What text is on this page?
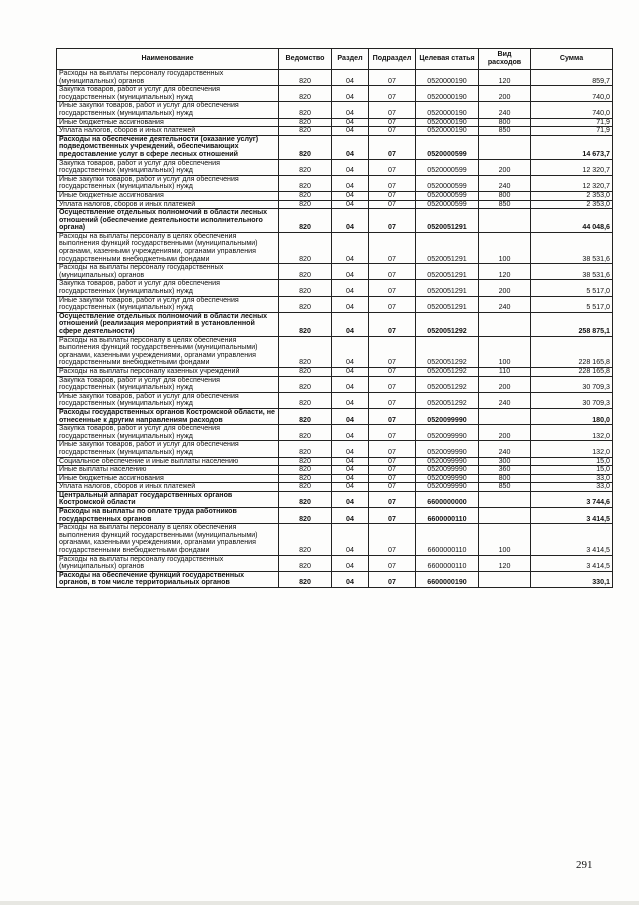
Наименование	Ведомство	Раздел	Подраздел	Целевая статья	Вид расходов	Сумма
Расходы на выплаты персоналу государственных (муниципальных) органов	820	04	07	0520000190	120	859,7
Закупка товаров, работ и услуг для обеспечения государственных (муниципальных) нужд	820	04	07	0520000190	200	740,0
Иные закупки товаров, работ и услуг для обеспечения государственных (муниципальных) нужд	820	04	07	0520000190	240	740,0
Иные бюджетные ассигнования	820	04	07	0520000190	800	71,9
Уплата налогов, сборов и иных платежей	820	04	07	0520000190	850	71,9
Расходы на обеспечение деятельности (оказание услуг) подведомственных учреждений, обеспечивающих предоставление услуг в сфере лесных отношений	820	04	07	0520000599		14 673,7
Закупка товаров, работ и услуг для обеспечения государственных (муниципальных) нужд	820	04	07	0520000599	200	12 320,7
Иные закупки товаров, работ и услуг для обеспечения государственных (муниципальных) нужд	820	04	07	0520000599	240	12 320,7
Иные бюджетные ассигнования	820	04	07	0520000599	800	2 353,0
Уплата налогов, сборов и иных платежей	820	04	07	0520000599	850	2 353,0
Осуществление отдельных полномочий в области лесных отношений (обеспечение деятельности исполнительного органа)	820	04	07	0520051291		44 048,6
Расходы на выплаты персоналу в целях обеспечения выполнения функций государственными (муниципальными) органами, казенными учреждениями, органами управления государственными внебюджетными фондами	820	04	07	0520051291	100	38 531,6
Расходы на выплаты персоналу государственных (муниципальных) органов	820	04	07	0520051291	120	38 531,6
Закупка товаров, работ и услуг для обеспечения государственных (муниципальных) нужд	820	04	07	0520051291	200	5 517,0
Иные закупки товаров, работ и услуг для обеспечения государственных (муниципальных) нужд	820	04	07	0520051291	240	5 517,0
Осуществление отдельных полномочий в области лесных отношений (реализация мероприятий в установленной сфере деятельности)	820	04	07	0520051292		258 875,1
Расходы на выплаты персоналу в целях обеспечения выполнения функций государственными (муниципальными) органами, казенными учреждениями, органами управления государственными внебюджетными фондами	820	04	07	0520051292	100	228 165,8
Расходы на выплаты персоналу казенных учреждений	820	04	07	0520051292	110	228 165,8
Закупка товаров, работ и услуг для обеспечения государственных (муниципальных) нужд	820	04	07	0520051292	200	30 709,3
Иные закупки товаров, работ и услуг для обеспечения государственных (муниципальных) нужд	820	04	07	0520051292	240	30 709,3
Расходы государственных органов Костромской области, не отнесенные к другим направлениям расходов	820	04	07	0520099990		180,0
Закупка товаров, работ и услуг для обеспечения государственных (муниципальных) нужд	820	04	07	0520099990	200	132,0
Иные закупки товаров, работ и услуг для обеспечения государственных (муниципальных) нужд	820	04	07	0520099990	240	132,0
Социальное обеспечение и иные выплаты населению	820	04	07	0520099990	300	15,0
Иные выплаты населению	820	04	07	0520099990	360	15,0
Иные бюджетные ассигнования	820	04	07	0520099990	800	33,0
Уплата налогов, сборов и иных платежей	820	04	07	0520099990	850	33,0
Центральный аппарат государственных органов Костромской области	820	04	07	6600000000		3 744,6
Расходы на выплаты по оплате труда работников государственных органов	820	04	07	6600000110		3 414,5
Расходы на выплаты персоналу в целях обеспечения выполнения функций государственными (муниципальными) органами, казенными учреждениями, органами управления государственными внебюджетными фондами	820	04	07	6600000110	100	3 414,5
Расходы на выплаты персоналу государственных (муниципальных) органов	820	04	07	6600000110	120	3 414,5
Расходы на обеспечение функций государственных органов, в том числе территориальных органов	820	04	07	6600000190		330,1
291
